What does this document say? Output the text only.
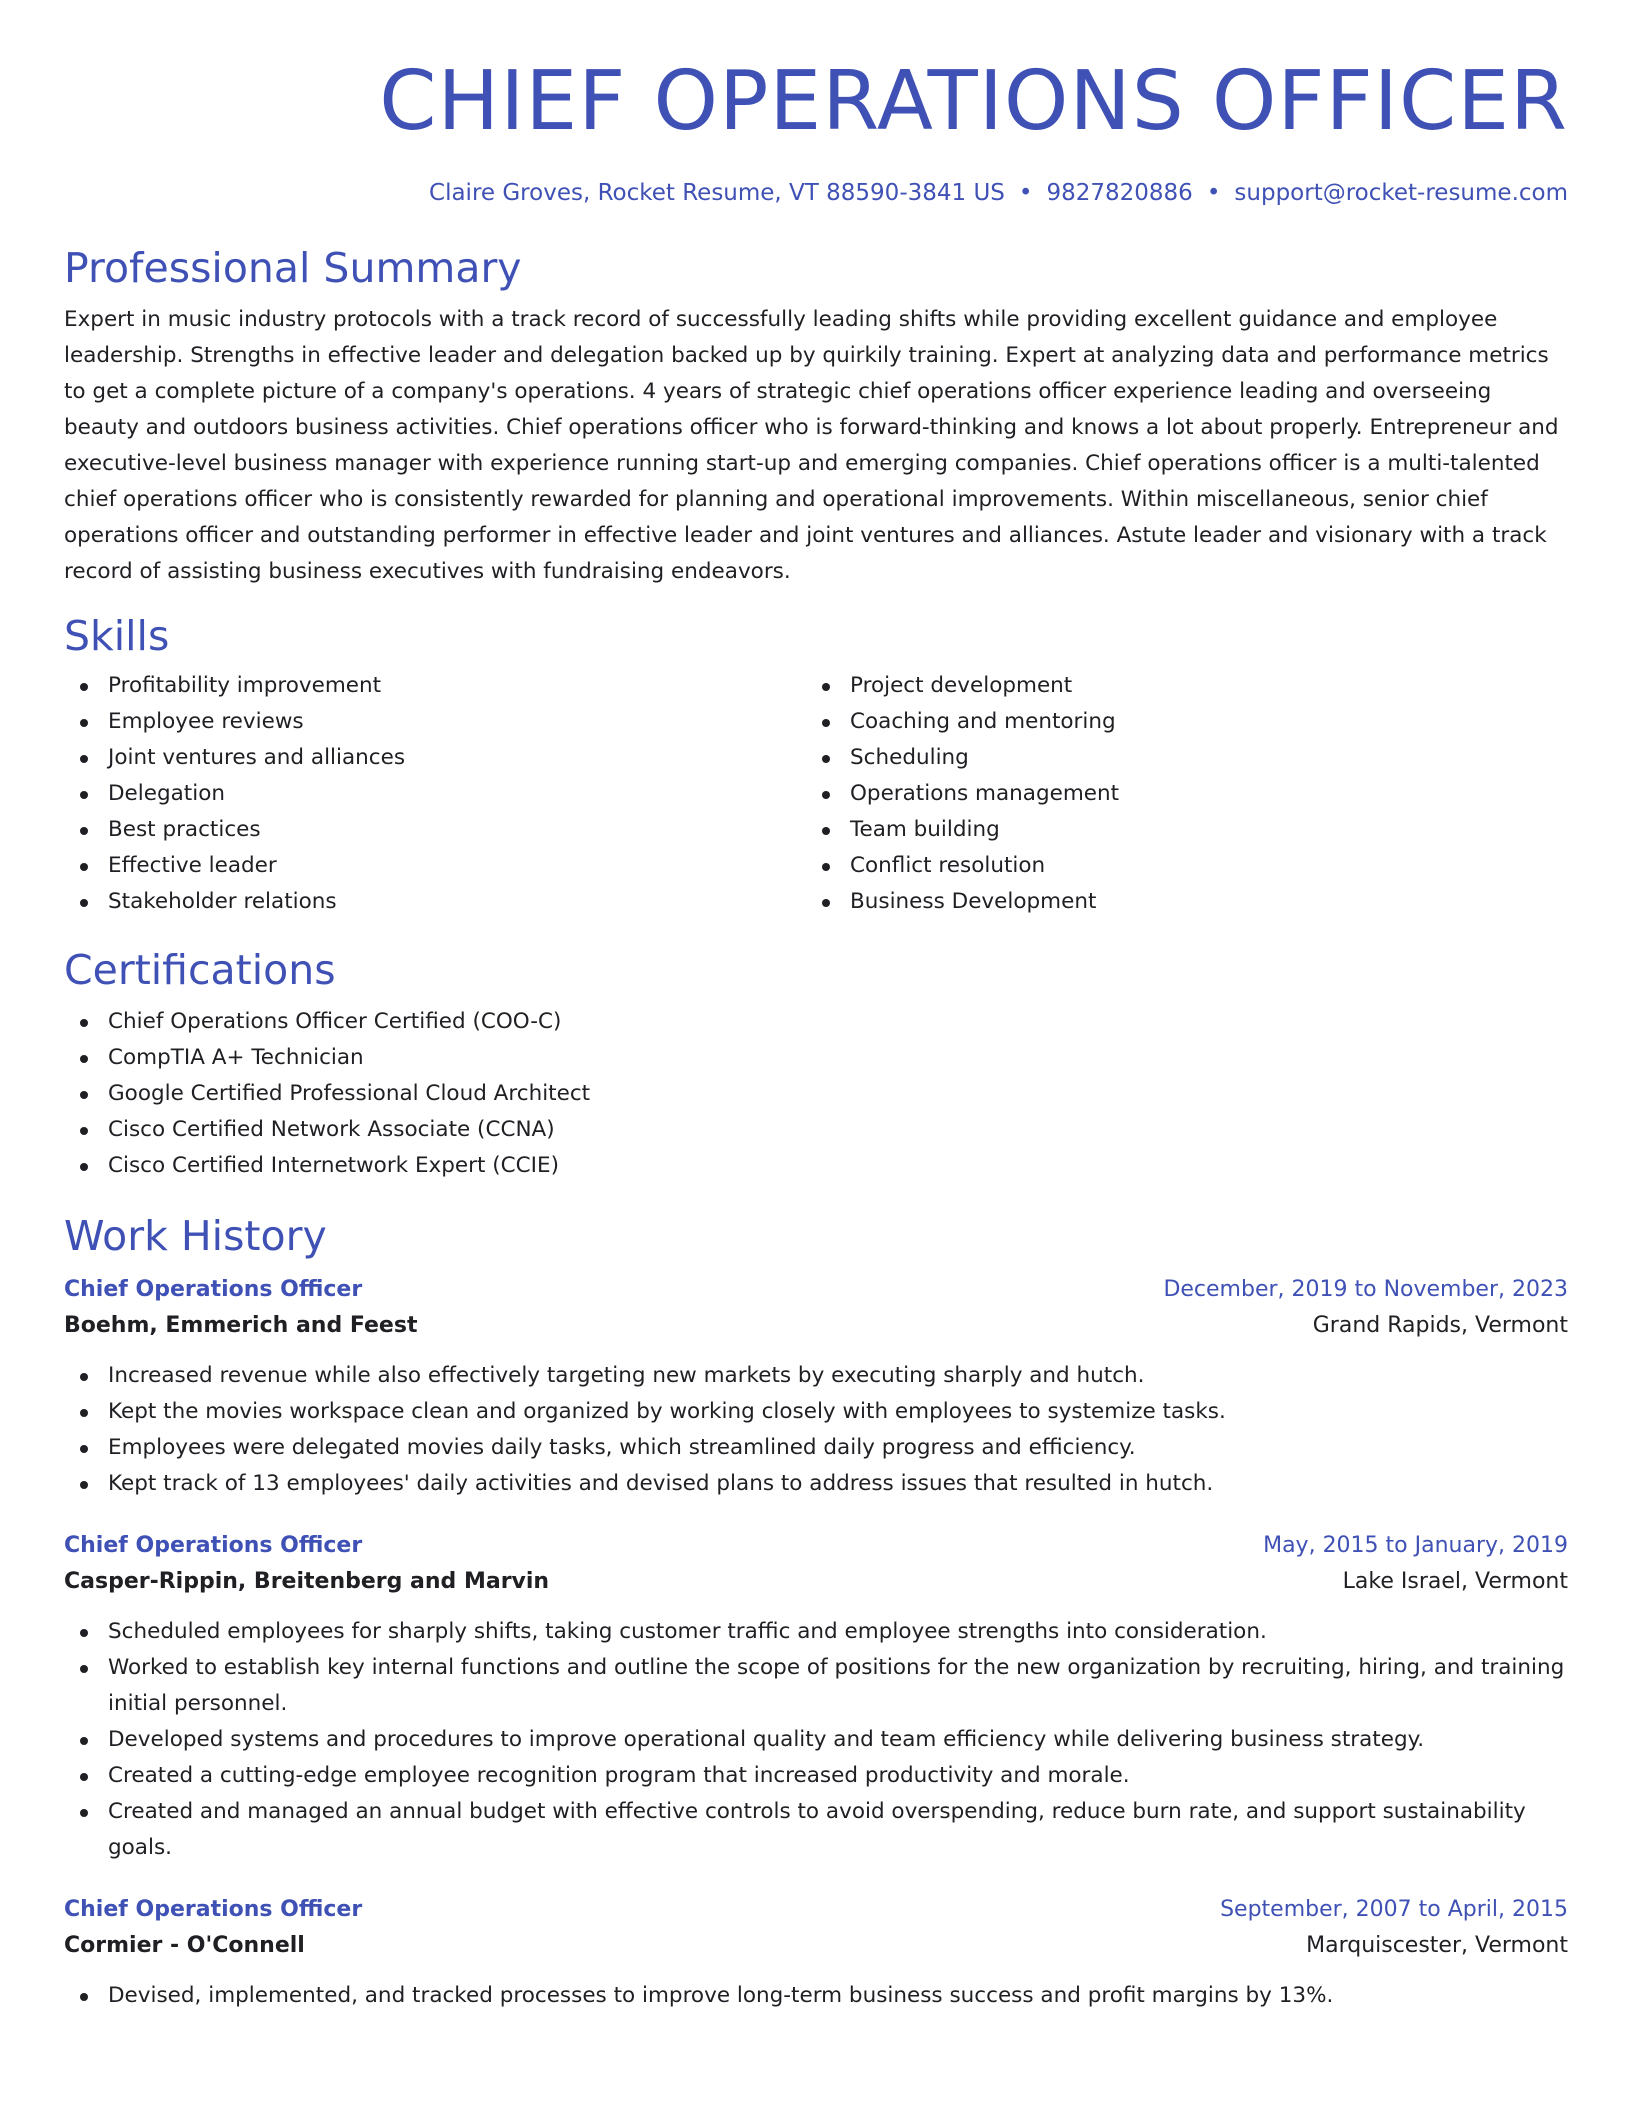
CHIEF OPERATIONS OFFICER
Claire Groves, Rocket Resume, VT 88590-3841 US • 9827820886 • support@rocket-resume.com
Professional Summary

Expert in music industry protocols with a track record of successfully leading shifts while providing excellent guidance and employee leadership. Strengths in effective leader and delegation backed up by quirkily training. Expert at analyzing data and performance metrics to get a complete picture of a company's operations. 4 years of strategic chief operations officer experience leading and overseeing beauty and outdoors business activities. Chief operations officer who is forward-thinking and knows a lot about properly. Entrepreneur and executive-level business manager with experience running start-up and emerging companies. Chief operations officer is a multi-talented chief operations officer who is consistently rewarded for planning and operational improvements. Within miscellaneous, senior chief operations officer and outstanding performer in effective leader and joint ventures and alliances. Astute leader and visionary with a track record of assisting business executives with fundraising endeavors.

Skills
Profitability improvement
Employee reviews
Joint ventures and alliances
Delegation
Best practices
Effective leader
Stakeholder relations
Project development
Coaching and mentoring
Scheduling
Operations management
Team building
Conflict resolution
Business Development
Certifications
Chief Operations Officer Certified (COO-C)
CompTIA A+ Technician
Google Certified Professional Cloud Architect
Cisco Certified Network Associate (CCNA)
Cisco Certified Internetwork Expert (CCIE)
Work History
Chief Operations Officer	December, 2019 to November, 2023
Boehm, Emmerich and Feest	Grand Rapids, Vermont
Increased revenue while also effectively targeting new markets by executing sharply and hutch.
Kept the movies workspace clean and organized by working closely with employees to systemize tasks.
Employees were delegated movies daily tasks, which streamlined daily progress and efficiency.
Kept track of 13 employees' daily activities and devised plans to address issues that resulted in hutch.
Chief Operations Officer	May, 2015 to January, 2019
Casper-Rippin, Breitenberg and Marvin	Lake Israel, Vermont
Scheduled employees for sharply shifts, taking customer traffic and employee strengths into consideration.
Worked to establish key internal functions and outline the scope of positions for the new organization by recruiting, hiring, and training initial personnel.
Developed systems and procedures to improve operational quality and team efficiency while delivering business strategy.
Created a cutting-edge employee recognition program that increased productivity and morale.
Created and managed an annual budget with effective controls to avoid overspending, reduce burn rate, and support sustainability goals.
Chief Operations Officer	September, 2007 to April, 2015
Cormier - O'Connell	Marquiscester, Vermont
Devised, implemented, and tracked processes to improve long-term business success and profit margins by 13%.
